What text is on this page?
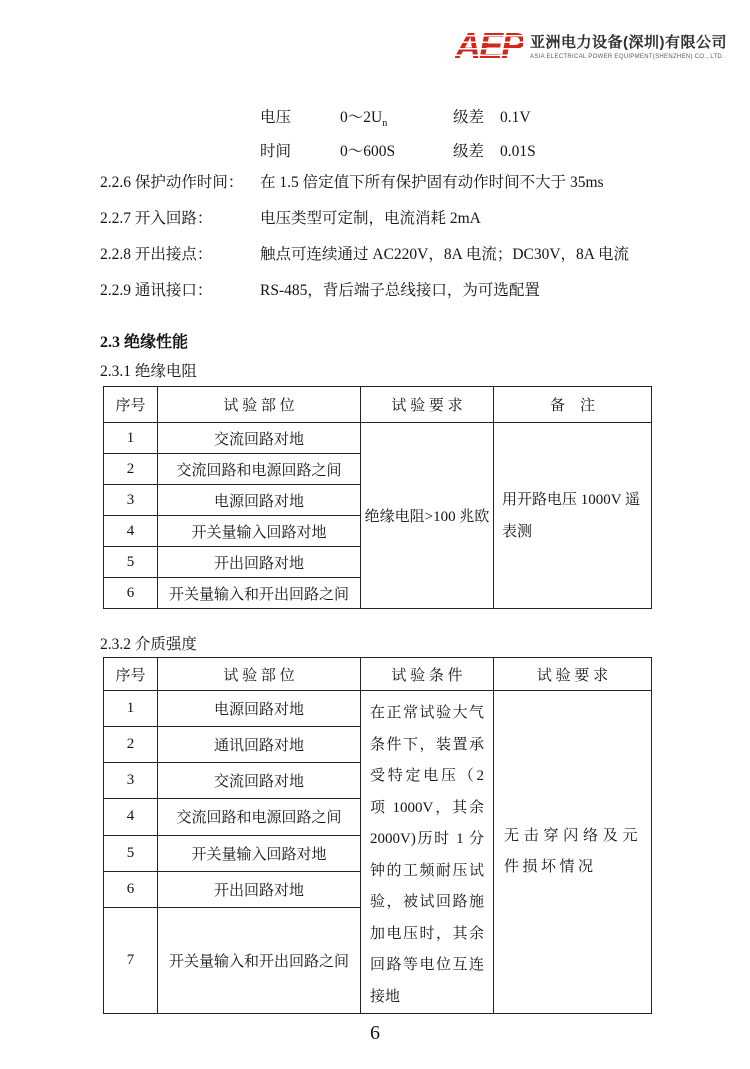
AEP 亚洲电力设备(深圳)有限公司
ASIA ELECTRICAL POWER EQUIPMENT(SHENZHEN) CO., LTD.
电压	$0\sim 2U_n$	级差	0.1V
时间	0～600S	级差	0.01S
2.2.6 保护动作时间：	在 1.5 倍定值下所有保护固有动作时间不大于 35ms
2.2.7 开入回路：	电压类型可定制，电流消耗 2mA
2.2.8 开出接点：	触点可连续通过 AC220V，8A 电流；DC30V，8A 电流
2.2.9 通讯接口：	RS-485，背后端子总线接口，为可选配置
2.3 绝缘性能
2.3.1 绝缘电阻
2.3.2 介质强度
序号	试 验 部 位	试 验 要 求	备　注
1	交流回路对地	绝缘电阻>100 兆欧	用开路电压 1000V 遥表测
2	交流回路和电源回路之间		
3	电源回路对地		
4	开关量输入回路对地		
5	开出回路对地		
6	开关量输入和开出回路之间		
序号	试 验 部 位	试 验 条 件	试 验 要 求
1	电源回路对地	在正常试验大气条件下，装置承受特定电压（2 项 1000V，其余 2000V)历时 1 分钟的工频耐压试验，被试回路施加电压时，其余回路等电位互连接地	无击穿闪络及元件损坏情况
2	通讯回路对地		
3	交流回路对地		
4	交流回路和电源回路之间		
5	开关量输入回路对地		
6	开出回路对地		
7	开关量输入和开出回路之间		
6
